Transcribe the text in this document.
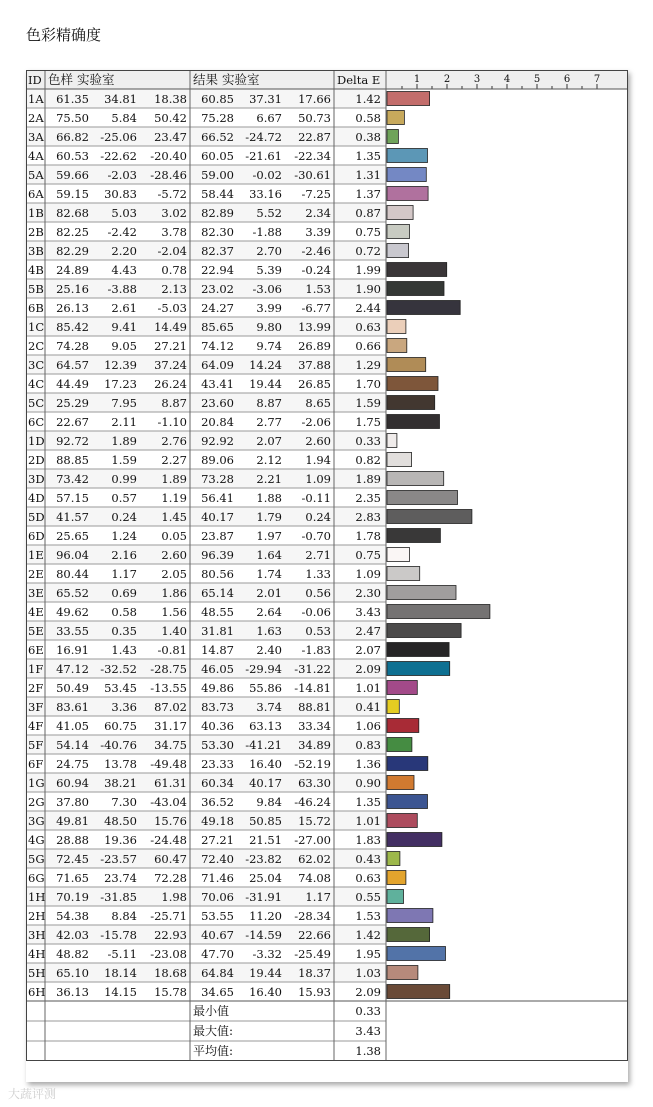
色彩精确度
ID 色样 实验室	结果 实验室	Delta E	1 2 3 4 5 6 7
1A 61.35 34.81 18.38 60.85 37.31 17.66 1.42
2A 75.50 5.84 50.42 75.28 6.67 50.73 0.58
3A 66.82 -25.06 23.47 66.52 -24.72 22.87 0.38
4A 60.53 -22.62 -20.40 60.05 -21.61 -22.34 1.35
5A 59.66 -2.03 -28.46 59.00 -0.02 -30.61 1.31
6A 59.15 30.83 -5.72 58.44 33.16 -7.25 1.37
1B 82.68 5.03 3.02 82.89 5.52 2.34 0.87
2B 82.25 -2.42 3.78 82.30 -1.88 3.39 0.75
3B 82.29 2.20 -2.04 82.37 2.70 -2.46 0.72
4B 24.89 4.43 0.78 22.94 5.39 -0.24 1.99
5B 25.16 -3.88 2.13 23.02 -3.06 1.53 1.90
6B 26.13 2.61 -5.03 24.27 3.99 -6.77 2.44
1C 85.42 9.41 14.49 85.65 9.80 13.99 0.63
2C 74.28 9.05 27.21 74.12 9.74 26.89 0.66
3C 64.57 12.39 37.24 64.09 14.24 37.88 1.29
4C 44.49 17.23 26.24 43.41 19.44 26.85 1.70
5C 25.29 7.95 8.87 23.60 8.87 8.65 1.59
6C 22.67 2.11 -1.10 20.84 2.77 -2.06 1.75
1D 92.72 1.89 2.76 92.92 2.07 2.60 0.33
2D 88.85 1.59 2.27 89.06 2.12 1.94 0.82
3D 73.42 0.99 1.89 73.28 2.21 1.09 1.89
4D 57.15 0.57 1.19 56.41 1.88 -0.11 2.35
5D 41.57 0.24 1.45 40.17 1.79 0.24 2.83
6D 25.65 1.24 0.05 23.87 1.97 -0.70 1.78
1E 96.04 2.16 2.60 96.39 1.64 2.71 0.75
2E 80.44 1.17 2.05 80.56 1.74 1.33 1.09
3E 65.52 0.69 1.86 65.14 2.01 0.56 2.30
4E 49.62 0.58 1.56 48.55 2.64 -0.06 3.43
5E 33.55 0.35 1.40 31.81 1.63 0.53 2.47
6E 16.91 1.43 -0.81 14.87 2.40 -1.83 2.07
1F 47.12 -32.52 -28.75 46.05 -29.94 -31.22 2.09
2F 50.49 53.45 -13.55 49.86 55.86 -14.81 1.01
3F 83.61 3.36 87.02 83.73 3.74 88.81 0.41
4F 41.05 60.75 31.17 40.36 63.13 33.34 1.06
5F 54.14 -40.76 34.75 53.30 -41.21 34.89 0.83
6F 24.75 13.78 -49.48 23.33 16.40 -52.19 1.36
1G 60.94 38.21 61.31 60.34 40.17 63.30 0.90
2G 37.80 7.30 -43.04 36.52 9.84 -46.24 1.35
3G 49.81 48.50 15.76 49.18 50.85 15.72 1.01
4G 28.88 19.36 -24.48 27.21 21.51 -27.00 1.83
5G 72.45 -23.57 60.47 72.40 -23.82 62.02 0.43
6G 71.65 23.74 72.28 71.46 25.04 74.08 0.63
1H 70.19 -31.85 1.98 70.06 -31.91 1.17 0.55
2H 54.38 8.84 -25.71 53.55 11.20 -28.34 1.53
3H 42.03 -15.78 22.93 40.67 -14.59 22.66 1.42
4H 48.82 -5.11 -23.08 47.70 -3.32 -25.49 1.95
5H 65.10 18.14 18.68 64.84 19.44 18.37 1.03
6H 36.13 14.15 15.78 34.65 16.40 15.93 2.09
最小值	0.33
最大值:	3.43
平均值:	1.38
大蔬评测
